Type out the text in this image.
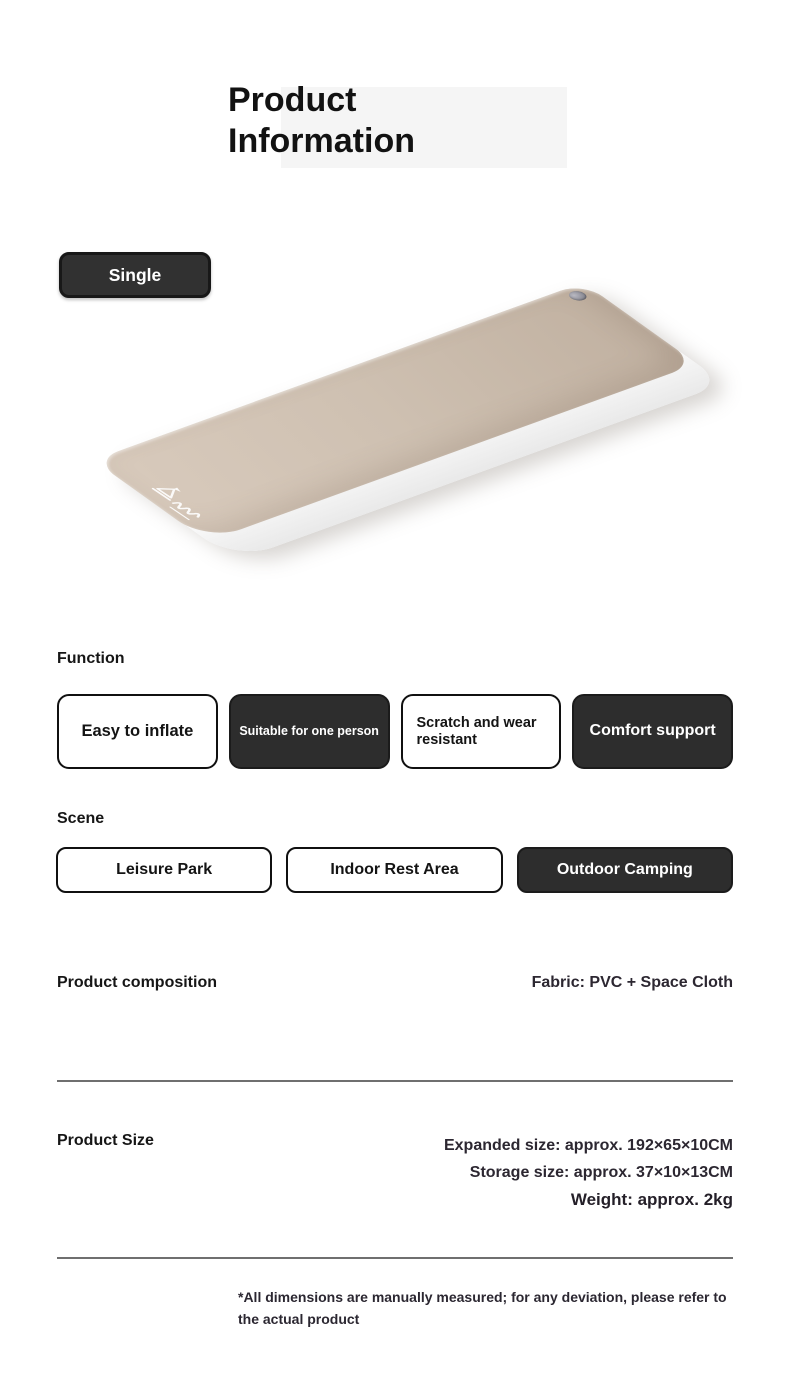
Product Information
Single
Function
Easy to inflate	Suitable for one person
Scratch and wear resistant
Comfort support
Scene
Leisure Park	Indoor Rest Area	Outdoor Camping
Product composition	Fabric: PVC + Space Cloth
Product Size	Expanded size: approx. 192×65×10CM
Storage size: approx. 37×10×13CM
Weight: approx. 2kg
*All dimensions are manually measured; for any deviation, please refer to the actual product
